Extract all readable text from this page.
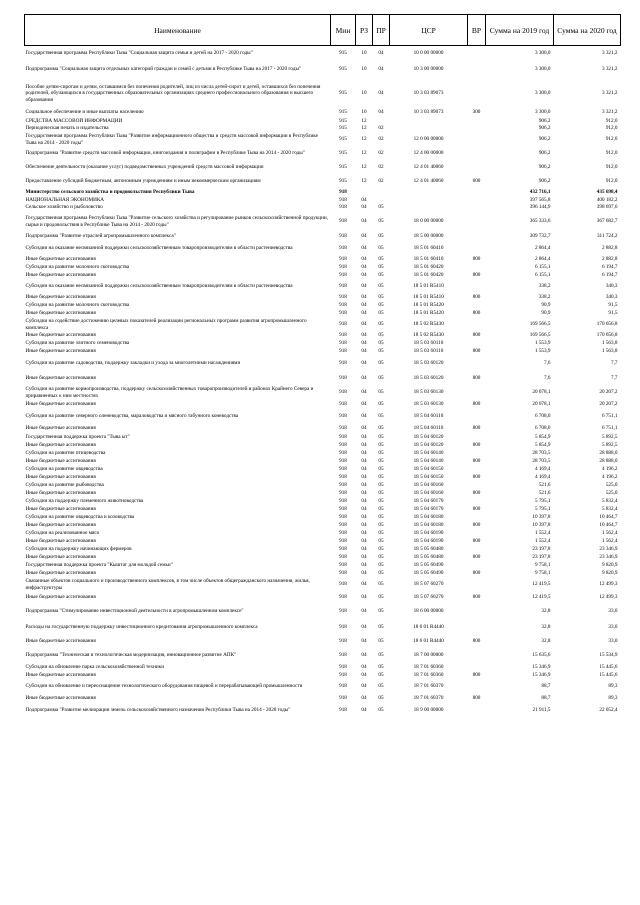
Наименование	Мин	РЗ	ПР	ЦСР	ВР	Сумма на 2019 год	Сумма на 2020 год
Государственная программа Республики Тыва "Социальная защита семьи и детей на 2017 - 2020 годы"	915	10	04	10 0 00 00000		3 300,0	3 321,2
Подпрограмма "Социальная защита отдельных категорий граждан и семей с детьми в Республике Тыва на 2017 - 2020 годы"	915	10	04	10 3 00 00000		3 300,0	3 321,2
Пособие детям-сиротам и детям, оставшимся без попечения родителей, лиц из числа детей-сирот и детей, оставшихся без попечения родителей, обучающихся в государственных образовательных организациях среднего профессионального образования и высшего образования	915	10	04	10 3 03 89073		3 300,0	3 321,2
Социальное обеспечение и иные выплаты населению	915	10	04	10 3 03 89073	300	3 300,0	3 321,2
СРЕДСТВА МАССОВОЙ ИНФОРМАЦИИ	915	12				906,2	912,0
Периодическая печать и издательства	915	12	02			906,2	912,0
Государственная программа Республики Тыва "Развитие информационного общества и средств массовой информации в Республике Тыва на 2014 - 2020 годы"	915	12	02	12 0 00 00000		906,2	912,0
Подпрограмма "Развитие средств массовой информации, книгоиздания и полиграфии в Республике Тыва на 2014 - 2020 годы"	915	12	02	12 4 00 00000		906,2	912,0
Обеспечение деятельности (оказание услуг) подведомственных учреждений средств массовой информации	915	12	02	12 4 01 40060		906,2	912,0
Предоставление субсидий бюджетным, автономным учреждениям и иным некоммерческим организациям	915	12	02	12 4 01 40060	600	906,2	912,0
Министерство сельского хозяйства и продовольствия Республики Тыва	918					432 716,1	435 698,4
НАЦИОНАЛЬНАЯ ЭКОНОМИКА	918	04				397 565,8	400 182,2
Сельское хозяйство и рыболовство	918	04	05			396 144,9	398 697,6
Государственная программа Республики Тыва "Развитие сельского хозяйства и регулирование рынков сельскохозяйственной продукции, сырья и продовольствия в Республике Тыва на 2014 - 2020 годы"	918	04	05	18 0 00 00000		365 333,6	367 682,7
Подпрограмма "Развитие отраслей агропромышленного комплекса"	918	04	05	18 5 00 00000		309 732,7	311 724,2
Субсидии на оказание несвязанной поддержки сельскохозяйственным товаропроизводителям в области растениеводства	918	04	05	18 5 01 60410		2 864,4	2 882,8
Иные бюджетные ассигнования	918	04	05	18 5 01 60410	800	2 864,4	2 882,8
Субсидии на развитие молочного скотоводства	918	04	05	18 5 01 60420		6 155,1	6 194,7
Иные бюджетные ассигнования	918	04	05	18 5 01 60420	800	6 155,1	6 194,7
Субсидии на оказание несвязанной поддержки сельскохозяйственным товаропроизводителям в области растениеводства	918	04	05	18 5 01 R5410		338,2	340,3
Иные бюджетные ассигнования	918	04	05	18 5 01 R5410	800	338,2	340,3
Субсидии на развитие молочного скотоводства	918	04	05	18 5 01 R5420		90,9	91,5
Иные бюджетные ассигнования	918	04	05	18 5 01 R5420	800	90,9	91,5
Субсидии на содействие достижению целевых показателей реализации региональных программ развития агропромышленного комплекса	918	04	05	18 5 02 R5430		169 566,5	170 656,8
Иные бюджетные ассигнования	918	04	05	18 5 02 R5430	800	169 566,5	170 656,8
Субсидии на развитие элитного семеноводства	918	04	05	18 5 03 60110		1 553,9	1 563,8
Иные бюджетные ассигнования	918	04	05	18 5 03 60110	800	1 553,9	1 563,8
Субсидии на развитие садоводства, поддержку закладки и ухода за многолетними насаждениями	918	04	05	18 5 03 60120		7,6	7,7
Иные бюджетные ассигнования	918	04	05	18 5 03 60120	800	7,6	7,7
Субсидии на развитие кормопроизводства, поддержку сельскохозяйственных товаропроизводителей в районах Крайнего Севера и приравненных к ним местностях	918	04	05	18 5 03 60130		20 078,1	20 207,2
Иные бюджетные ассигнования	918	04	05	18 5 03 60130	800	20 078,1	20 207,2
Субсидии на развитие северного оленеводства, мараловодства и мясного табунного коневодства	918	04	05	18 5 04 60110		6 708,0	6 751,1
Иные бюджетные ассигнования	918	04	05	18 5 04 60110	800	6 708,0	6 751,1
Государственная поддержка проекта "Тыва ыт"	918	04	05	18 5 04 60120		5 854,9	5 892,5
Иные бюджетные ассигнования	918	04	05	18 5 04 60120	800	5 854,9	5 892,5
Субсидии на развитие птицеводства	918	04	05	18 5 04 60140		28 703,5	28 888,0
Иные бюджетные ассигнования	918	04	05	18 5 04 60140	800	28 703,5	28 888,0
Субсидии на развитие овцеводства	918	04	05	18 5 04 60150		4 169,4	4 196,2
Иные бюджетные ассигнования	918	04	05	18 5 04 60150	800	4 169,4	4 196,2
Субсидии на развитие рыбоводства	918	04	05	18 5 04 60160		521,6	525,0
Иные бюджетные ассигнования	918	04	05	18 5 04 60160	800	521,6	525,0
Субсидии на поддержку племенного животноводства	918	04	05	18 5 04 60170		5 795,1	5 832,4
Иные бюджетные ассигнования	918	04	05	18 5 04 60170	800	5 795,1	5 832,4
Субсидии на развитие овцеводства и козоводства	918	04	05	18 5 04 60180		10 397,8	10 464,7
Иные бюджетные ассигнования	918	04	05	18 5 04 60180	800	10 397,8	10 464,7
Субсидии на реализованное мясо	918	04	05	18 5 04 60190		1 552,4	1 562,4
Иные бюджетные ассигнования	918	04	05	18 5 04 60190	800	1 552,4	1 562,4
Субсидии на поддержку начинающих фермеров	918	04	05	18 5 05 60480		23 197,8	23 346,9
Иные бюджетные ассигнования	918	04	05	18 5 05 60480	800	23 197,8	23 346,9
Государственная поддержка проекта "Кыштаг для молодой семьи"	918	04	05	18 5 05 60490		9 758,1	9 820,9
Иные бюджетные ассигнования	918	04	05	18 5 05 60490	800	9 758,1	9 820,9
Связанные объектов социального и производственного комплексов, в том числе объектов общегражданского назначения, жилья, инфраструктуры	918	04	05	18 5 07 60270		12 419,5	12 499,3
Иные бюджетные ассигнования	918	04	05	18 5 07 60270	800	12 419,5	12 499,3
Подпрограмма "Стимулирование инвестиционной деятельности в агропромышленном комплексе"	918	04	05	18 6 00 00000		32,8	33,0
Расходы на государственную поддержку инвестиционного кредитования агропромышленного комплекса	918	04	05	18 6 01 R4440		32,8	33,0
Иные бюджетные ассигнования	918	04	05	18 6 01 R4440	800	32,8	33,0
Подпрограмма "Техническая и технологическая модернизация, инновационное развитие АПК"	918	04	05	18 7 00 00000		15 635,6	15 534,9
Субсидии на обновление парка сельскохозяйственной техники	918	04	05	18 7 01 60360		15 346,9	15 445,6
Иные бюджетные ассигнования	918	04	05	18 7 01 60360	800	15 346,9	15 445,6
Субсидии на обновление и переоснащение технологического оборудования пищевой и перерабатывающей промышленности	918	04	05	18 7 01 60370		88,7	89,3
Иные бюджетные ассигнования	918	04	05	18 7 01 60370	800	88,7	89,3
Подпрограмма "Развитие мелиорации земель сельскохозяйственного назначения Республики Тыва на 2014 - 2020 годы"	918	04	05	18 9 00 00000		21 911,5	22 052,4
